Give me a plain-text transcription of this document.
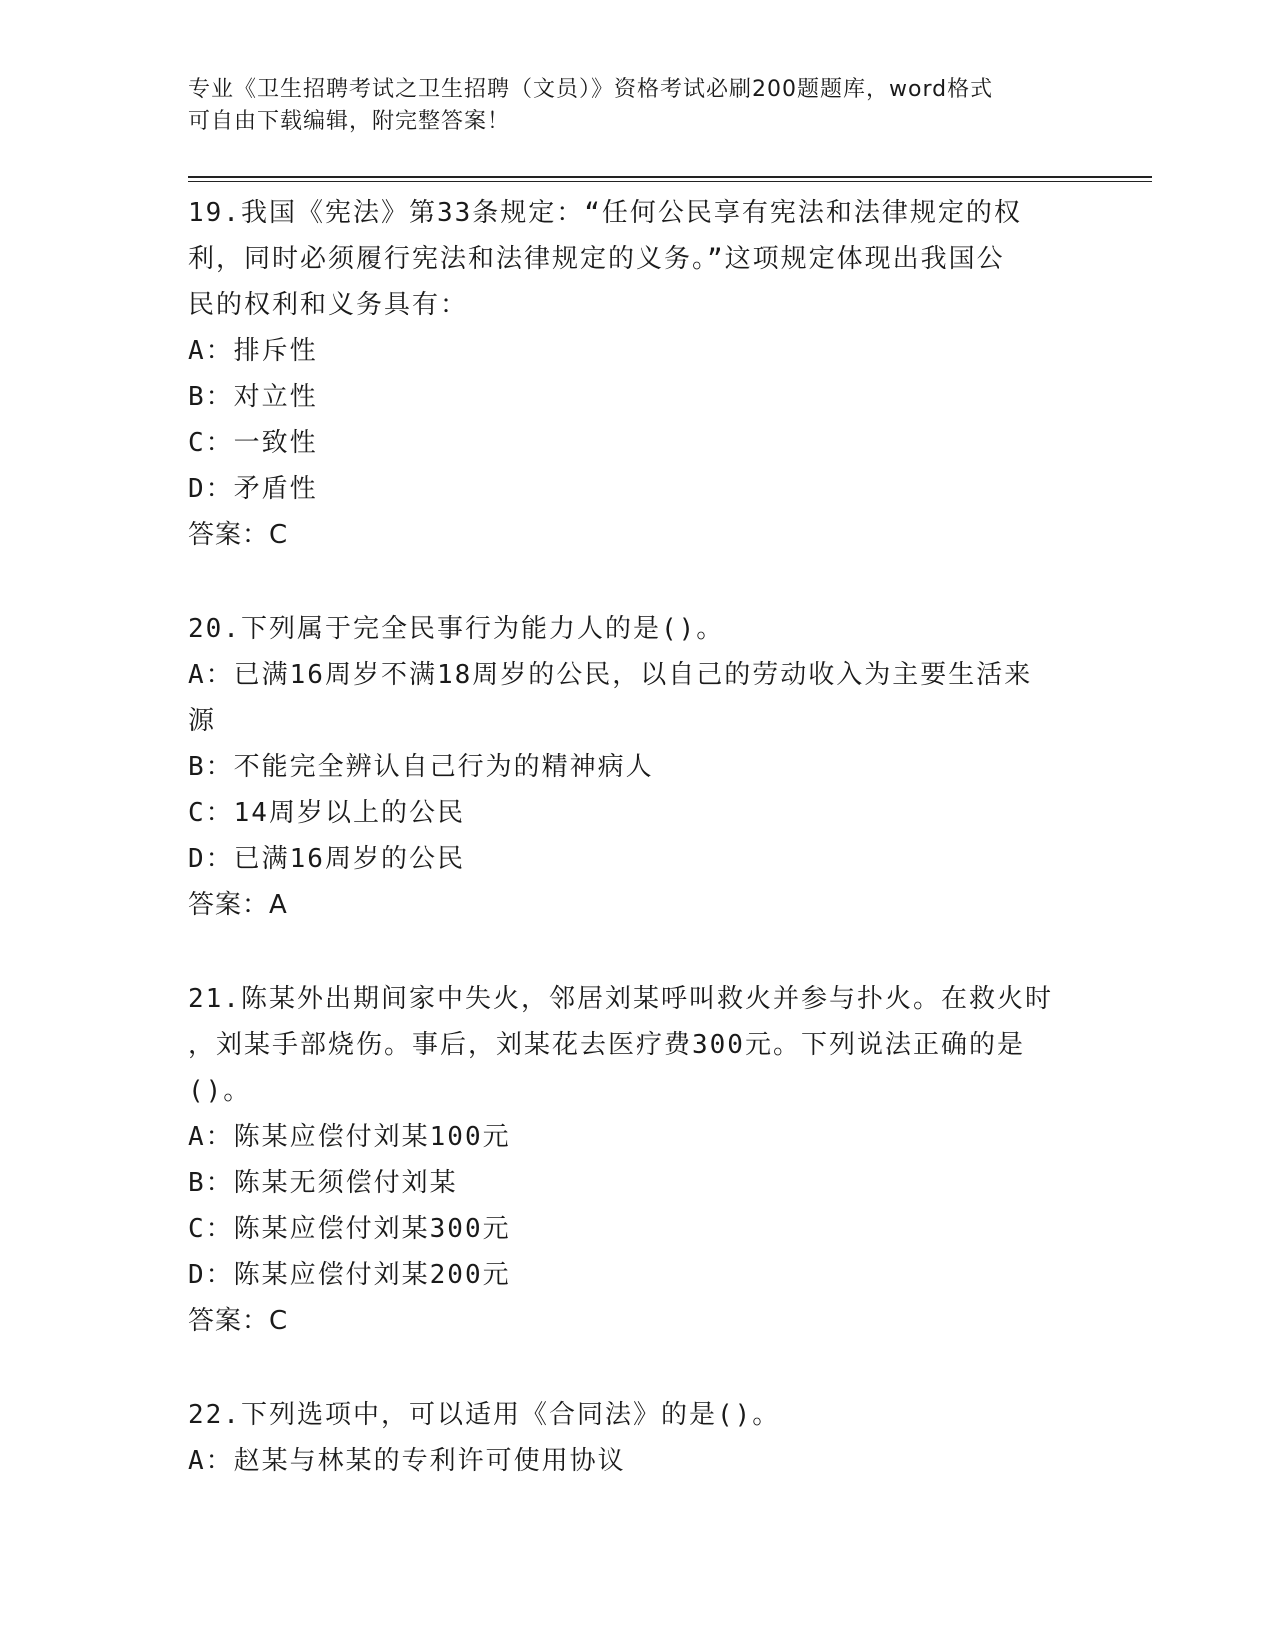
专业《卫生招聘考试之卫生招聘（文员）》资格考试必刷200题题库，word格式
可自由下载编辑，附完整答案！
19.我国《宪法》第33条规定：“任何公民享有宪法和法律规定的权
利，同时必须履行宪法和法律规定的义务。”这项规定体现出我国公
民的权利和义务具有：
A：排斥性
B：对立性
C：一致性
D：矛盾性
答案：C
20.下列属于完全民事行为能力人的是()。
A：已满16周岁不满18周岁的公民，以自己的劳动收入为主要生活来
源
B：不能完全辨认自己行为的精神病人
C：14周岁以上的公民
D：已满16周岁的公民
答案：A
21.陈某外出期间家中失火，邻居刘某呼叫救火并参与扑火。在救火时
，刘某手部烧伤。事后，刘某花去医疗费300元。下列说法正确的是
()。
A：陈某应偿付刘某100元
B：陈某无须偿付刘某
C：陈某应偿付刘某300元
D：陈某应偿付刘某200元
答案：C
22.下列选项中，可以适用《合同法》的是()。
A：赵某与林某的专利许可使用协议
